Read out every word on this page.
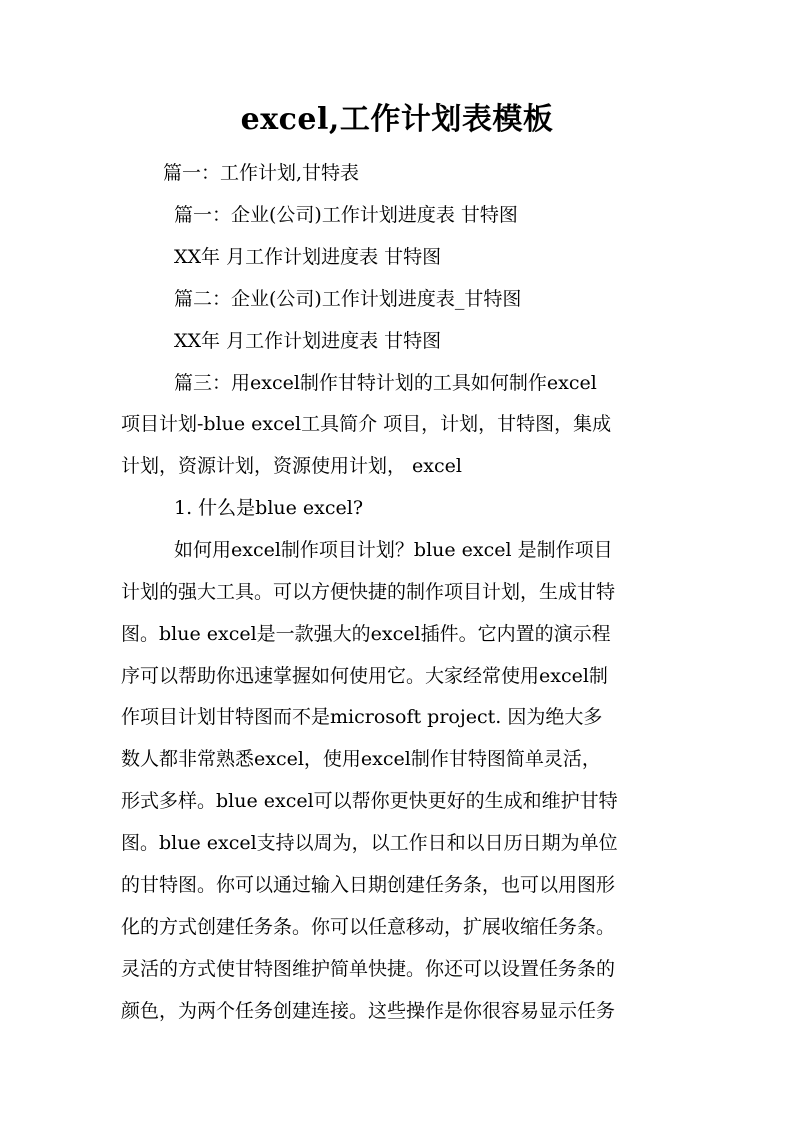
excel,工作计划表模板

篇一：工作计划,甘特表

篇一：企业(公司)工作计划进度表 甘特图

XX年 月工作计划进度表 甘特图

篇二：企业(公司)工作计划进度表_甘特图

XX年 月工作计划进度表 甘特图

篇三：用excel制作甘特计划的工具如何制作excel

项目计划-blue excel工具简介 项目，计划，甘特图，集成

计划，资源计划，资源使用计划， excel

1. 什么是blue excel?

如何用excel制作项目计划？blue excel 是制作项目

计划的强大工具。可以方便快捷的制作项目计划，生成甘特

图。blue excel是一款强大的excel插件。它内置的演示程

序可以帮助你迅速掌握如何使用它。大家经常使用excel制

作项目计划甘特图而不是microsoft project. 因为绝大多

数人都非常熟悉excel，使用excel制作甘特图简单灵活，

形式多样。blue excel可以帮你更快更好的生成和维护甘特

图。blue excel支持以周为，以工作日和以日历日期为单位

的甘特图。你可以通过输入日期创建任务条，也可以用图形

化的方式创建任务条。你可以任意移动，扩展收缩任务条。

灵活的方式使甘特图维护简单快捷。你还可以设置任务条的

颜色，为两个任务创建连接。这些操作是你很容易显示任务
